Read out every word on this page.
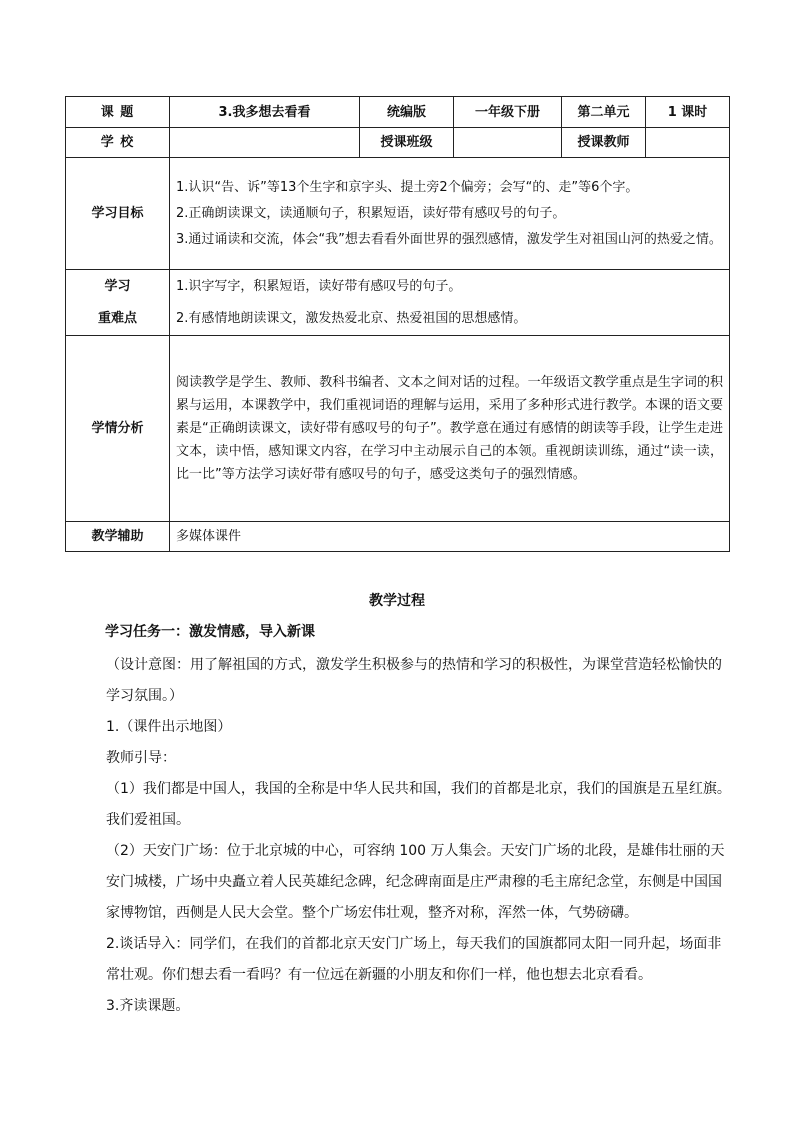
课 题	3.我多想去看看	统编版	一年级下册	第二单元	1 课时
学 校		授课班级		授课教师	
学习目标	1.认识“告、诉”等13个生字和京字头、提土旁2个偏旁；会写“的、走”等6个字。
2.正确朗读课文，读通顺句子，积累短语，读好带有感叹号的句子。
3.通过诵读和交流，体会“我”想去看看外面世界的强烈感情，激发学生对祖国山河的热爱之情。				

学习
重难点	1.识字写字，积累短语，读好带有感叹号的句子。
2.有感情地朗读课文，激发热爱北京、热爱祖国的思想感情。				

学情分析	阅读教学是学生、教师、教科书编者、文本之间对话的过程。一年级语文教学重点是生字词的积累与运用，本课教学中，我们重视词语的理解与运用，采用了多种形式进行教学。本课的语文要素是“正确朗读课文，读好带有感叹号的句子”。教学意在通过有感情的朗读等手段，让学生走进文本，读中悟，感知课文内容，在学习中主动展示自己的本领。重视朗读训练，通过“读一读，比一比”等方法学习读好带有感叹号的句子，感受这类句子的强烈情感。				
教学辅助	多媒体课件				
教学过程
学习任务一：激发情感，导入新课
（设计意图：用了解祖国的方式，激发学生积极参与的热情和学习的积极性，为课堂营造轻松愉快的学习氛围。）
1.（课件出示地图）
教师引导：
（1）我们都是中国人，我国的全称是中华人民共和国，我们的首都是北京，我们的国旗是五星红旗。我们爱祖国。
（2）天安门广场：位于北京城的中心，可容纳 100 万人集会。天安门广场的北段，是雄伟壮丽的天安门城楼，广场中央矗立着人民英雄纪念碑，纪念碑南面是庄严肃穆的毛主席纪念堂，东侧是中国国家博物馆，西侧是人民大会堂。整个广场宏伟壮观，整齐对称，浑然一体，气势磅礴。
2.谈话导入：同学们，在我们的首都北京天安门广场上，每天我们的国旗都同太阳一同升起，场面非常壮观。你们想去看一看吗？有一位远在新疆的小朋友和你们一样，他也想去北京看看。
3.齐读课题。
